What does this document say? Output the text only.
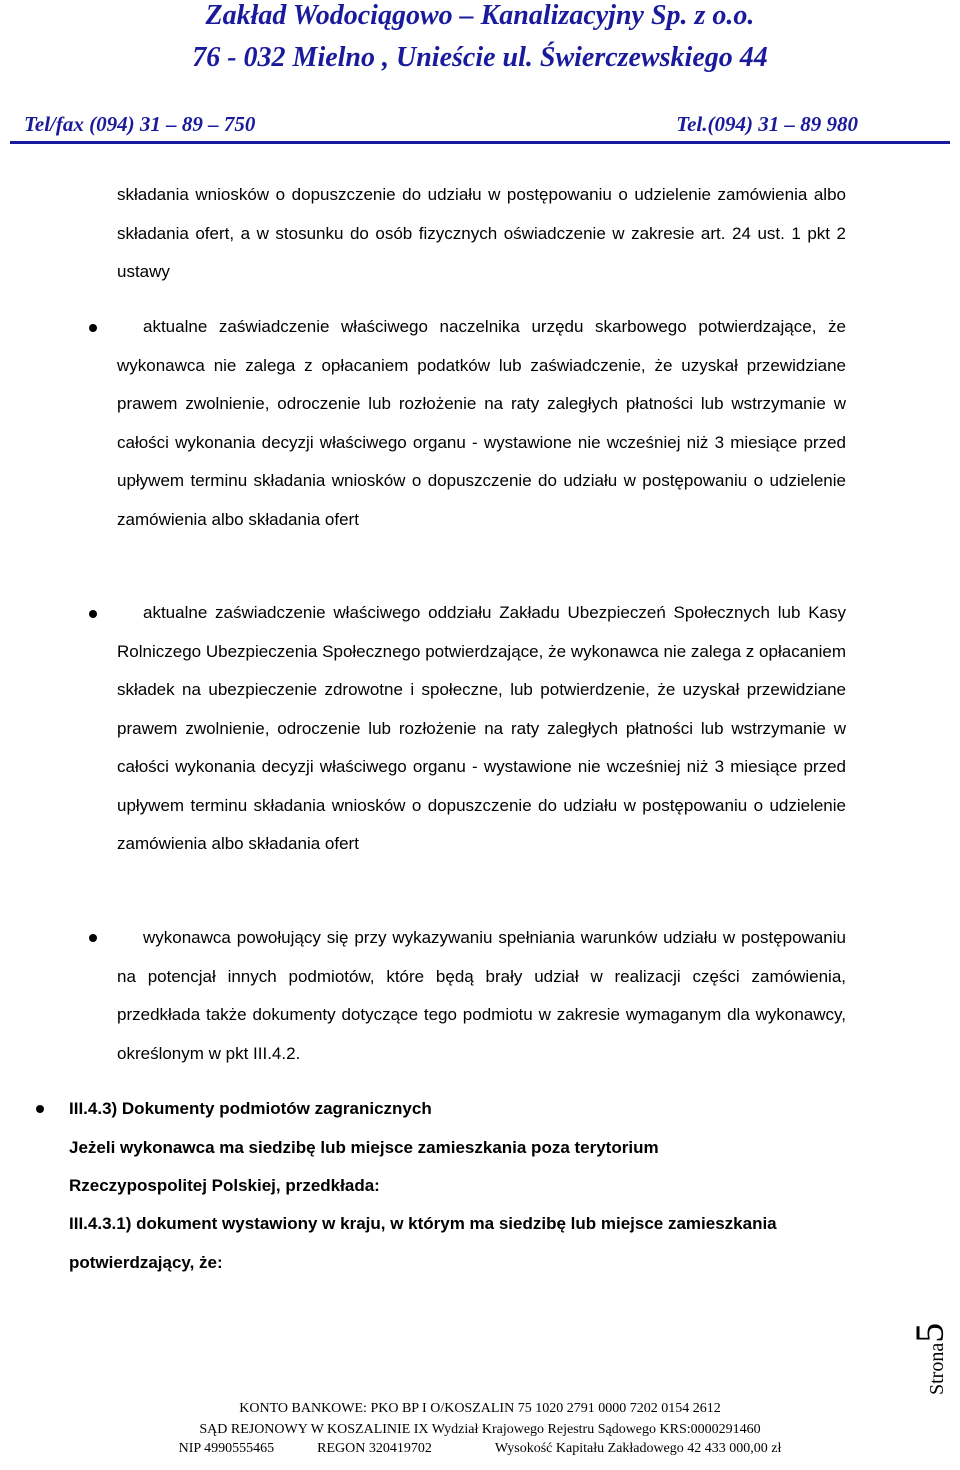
Zakład Wodociągowo – Kanalizacyjny Sp. z o.o.
76 - 032 Mielno , Unieście ul. Świerczewskiego 44
Tel/fax (094) 31 – 89 – 750	Tel.(094) 31 – 89 980
składania wniosków o dopuszczenie do udziału w postępowaniu o udzielenie zamówienia albo składania ofert, a w stosunku do osób fizycznych oświadczenie w zakresie art. 24 ust. 1 pkt 2 ustawy
aktualne zaświadczenie właściwego naczelnika urzędu skarbowego potwierdzające, że wykonawca nie zalega z opłacaniem podatków lub zaświadczenie, że uzyskał przewidziane prawem zwolnienie, odroczenie lub rozłożenie na raty zaległych płatności lub wstrzymanie w całości wykonania decyzji właściwego organu - wystawione nie wcześniej niż 3 miesiące przed upływem terminu składania wniosków o dopuszczenie do udziału w postępowaniu o udzielenie zamówienia albo składania ofert
aktualne zaświadczenie właściwego oddziału Zakładu Ubezpieczeń Społecznych lub Kasy Rolniczego Ubezpieczenia Społecznego potwierdzające, że wykonawca nie zalega z opłacaniem składek na ubezpieczenie zdrowotne i społeczne, lub potwierdzenie, że uzyskał przewidziane prawem zwolnienie, odroczenie lub rozłożenie na raty zaległych płatności lub wstrzymanie w całości wykonania decyzji właściwego organu - wystawione nie wcześniej niż 3 miesiące przed upływem terminu składania wniosków o dopuszczenie do udziału w postępowaniu o udzielenie zamówienia albo składania ofert
wykonawca powołujący się przy wykazywaniu spełniania warunków udziału w postępowaniu na potencjał innych podmiotów, które będą brały udział w realizacji części zamówienia, przedkłada także dokumenty dotyczące tego podmiotu w zakresie wymaganym dla wykonawcy, określonym w pkt III.4.2.
III.4.3) Dokumenty podmiotów zagranicznych
Jeżeli wykonawca ma siedzibę lub miejsce zamieszkania poza terytorium
Rzeczypospolitej Polskiej, przedkłada:
III.4.3.1) dokument wystawiony w kraju, w którym ma siedzibę lub miejsce zamieszkania
potwierdzający, że:
Strona5
KONTO BANKOWE: PKO BP I O/KOSZALIN 75 1020 2791 0000 7202 0154 2612
SĄD REJONOWY W KOSZALINIE IX Wydział Krajowego Rejestru Sądowego KRS:0000291460
NIP 4990555465	REGON 320419702	Wysokość Kapitału Zakładowego 42 433 000,00 zł
